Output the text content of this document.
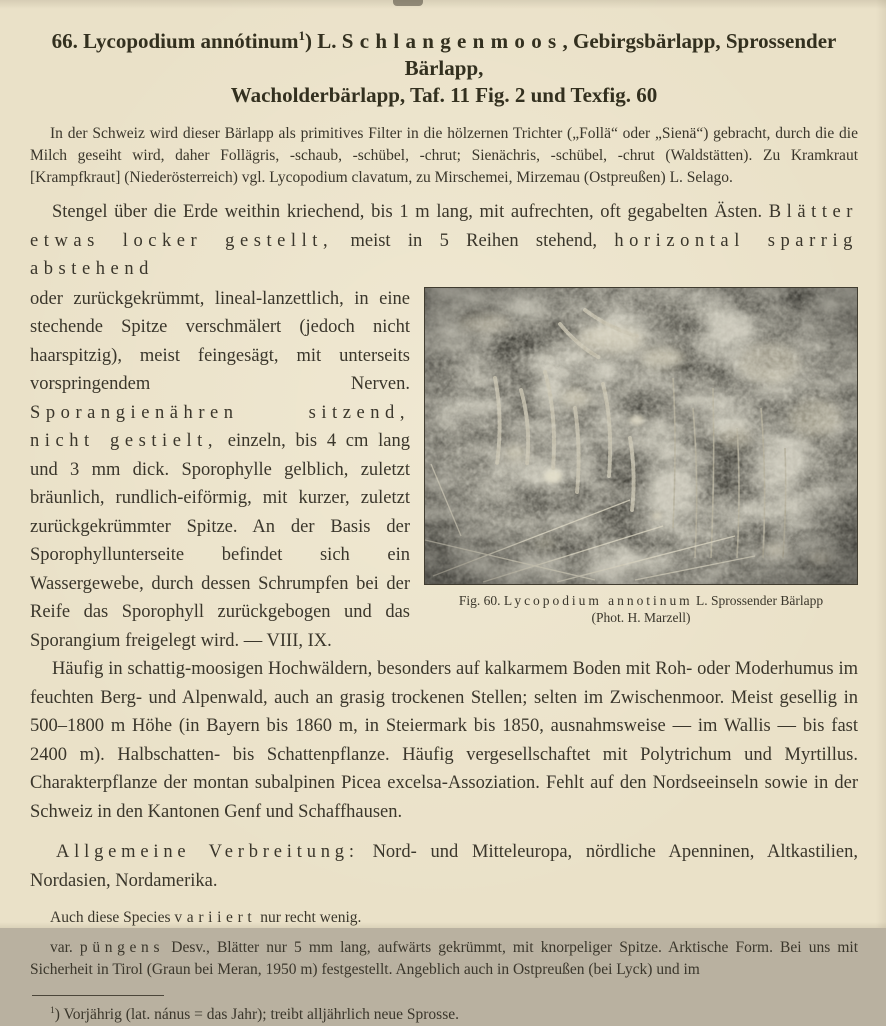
66. Lycopodium annótinum$^1$) L. Schlangenmoos, Gebirgsbärlapp, Sprossender Bärlapp,
Wacholderbärlapp, Taf. 11 Fig. 2 und Texfig. 60

In der Schweiz wird dieser Bärlapp als primitives Filter in die hölzernen Trichter („Follä“ oder „Sienä“) gebracht, durch die die Milch geseiht wird, daher Follägris, -schaub, -schübel, -chrut; Sienächris, -schübel, -chrut (Waldstätten). Zu Kramkraut [Krampfkraut] (Niederösterreich) vgl. Lycopodium clavatum, zu Mirschemei, Mirzemau (Ostpreußen) L. Selago.

Stengel über die Erde weithin kriechend, bis 1 m lang, mit aufrechten, oft gegabelten Ästen. Blätter etwas locker gestellt, meist in 5 Reihen stehend, horizontal sparrig abstehend

Fig. 60. Lycopodium annotinum L. Sprossender Bärlapp
(Phot. H. Marzell)

oder zurückgekrümmt, lineal-lanzettlich, in eine stechende Spitze verschmälert (jedoch nicht haarspitzig), meist feingesägt, mit unterseits vorspringendem Nerven. Sporangienähren sitzend, nicht gestielt, einzeln, bis 4 cm lang und 3 mm dick. Sporophylle gelblich, zuletzt bräunlich, rundlich-eiförmig, mit kurzer, zuletzt zurückgekrümmter Spitze. An der Basis der Sporophyllunterseite befindet sich ein Wassergewebe, durch dessen Schrumpfen bei der Reife das Sporophyll zurückgebogen und das Sporangium freigelegt wird. — VIII, IX.

Häufig in schattig-moosigen Hochwäldern, besonders auf kalkarmem Boden mit Roh- oder Moderhumus im feuchten Berg- und Alpenwald, auch an grasig trockenen Stellen; selten im Zwischenmoor. Meist gesellig in 500–1800 m Höhe (in Bayern bis 1860 m, in Steiermark bis 1850, ausnahmsweise — im Wallis — bis fast 2400 m). Halbschatten- bis Schattenpflanze. Häufig vergesellschaftet mit Polytrichum und Myrtillus. Charakterpflanze der montan subalpinen Picea excelsa-Assoziation. Fehlt auf den Nordseeinseln sowie in der Schweiz in den Kantonen Genf und Schaffhausen.

Allgemeine Verbreitung: Nord- und Mitteleuropa, nördliche Apenninen, Altkastilien, Nordasien, Nordamerika.

Auch diese Species variiert nur recht wenig.

var. püngens Desv., Blätter nur 5 mm lang, aufwärts gekrümmt, mit knorpeliger Spitze. Arktische Form. Bei uns mit Sicherheit in Tirol (Graun bei Meran, 1950 m) festgestellt. Angeblich auch in Ostpreußen (bei Lyck) und im

$^1$) Vorjährig (lat. nánus = das Jahr); treibt alljährlich neue Sprosse.
